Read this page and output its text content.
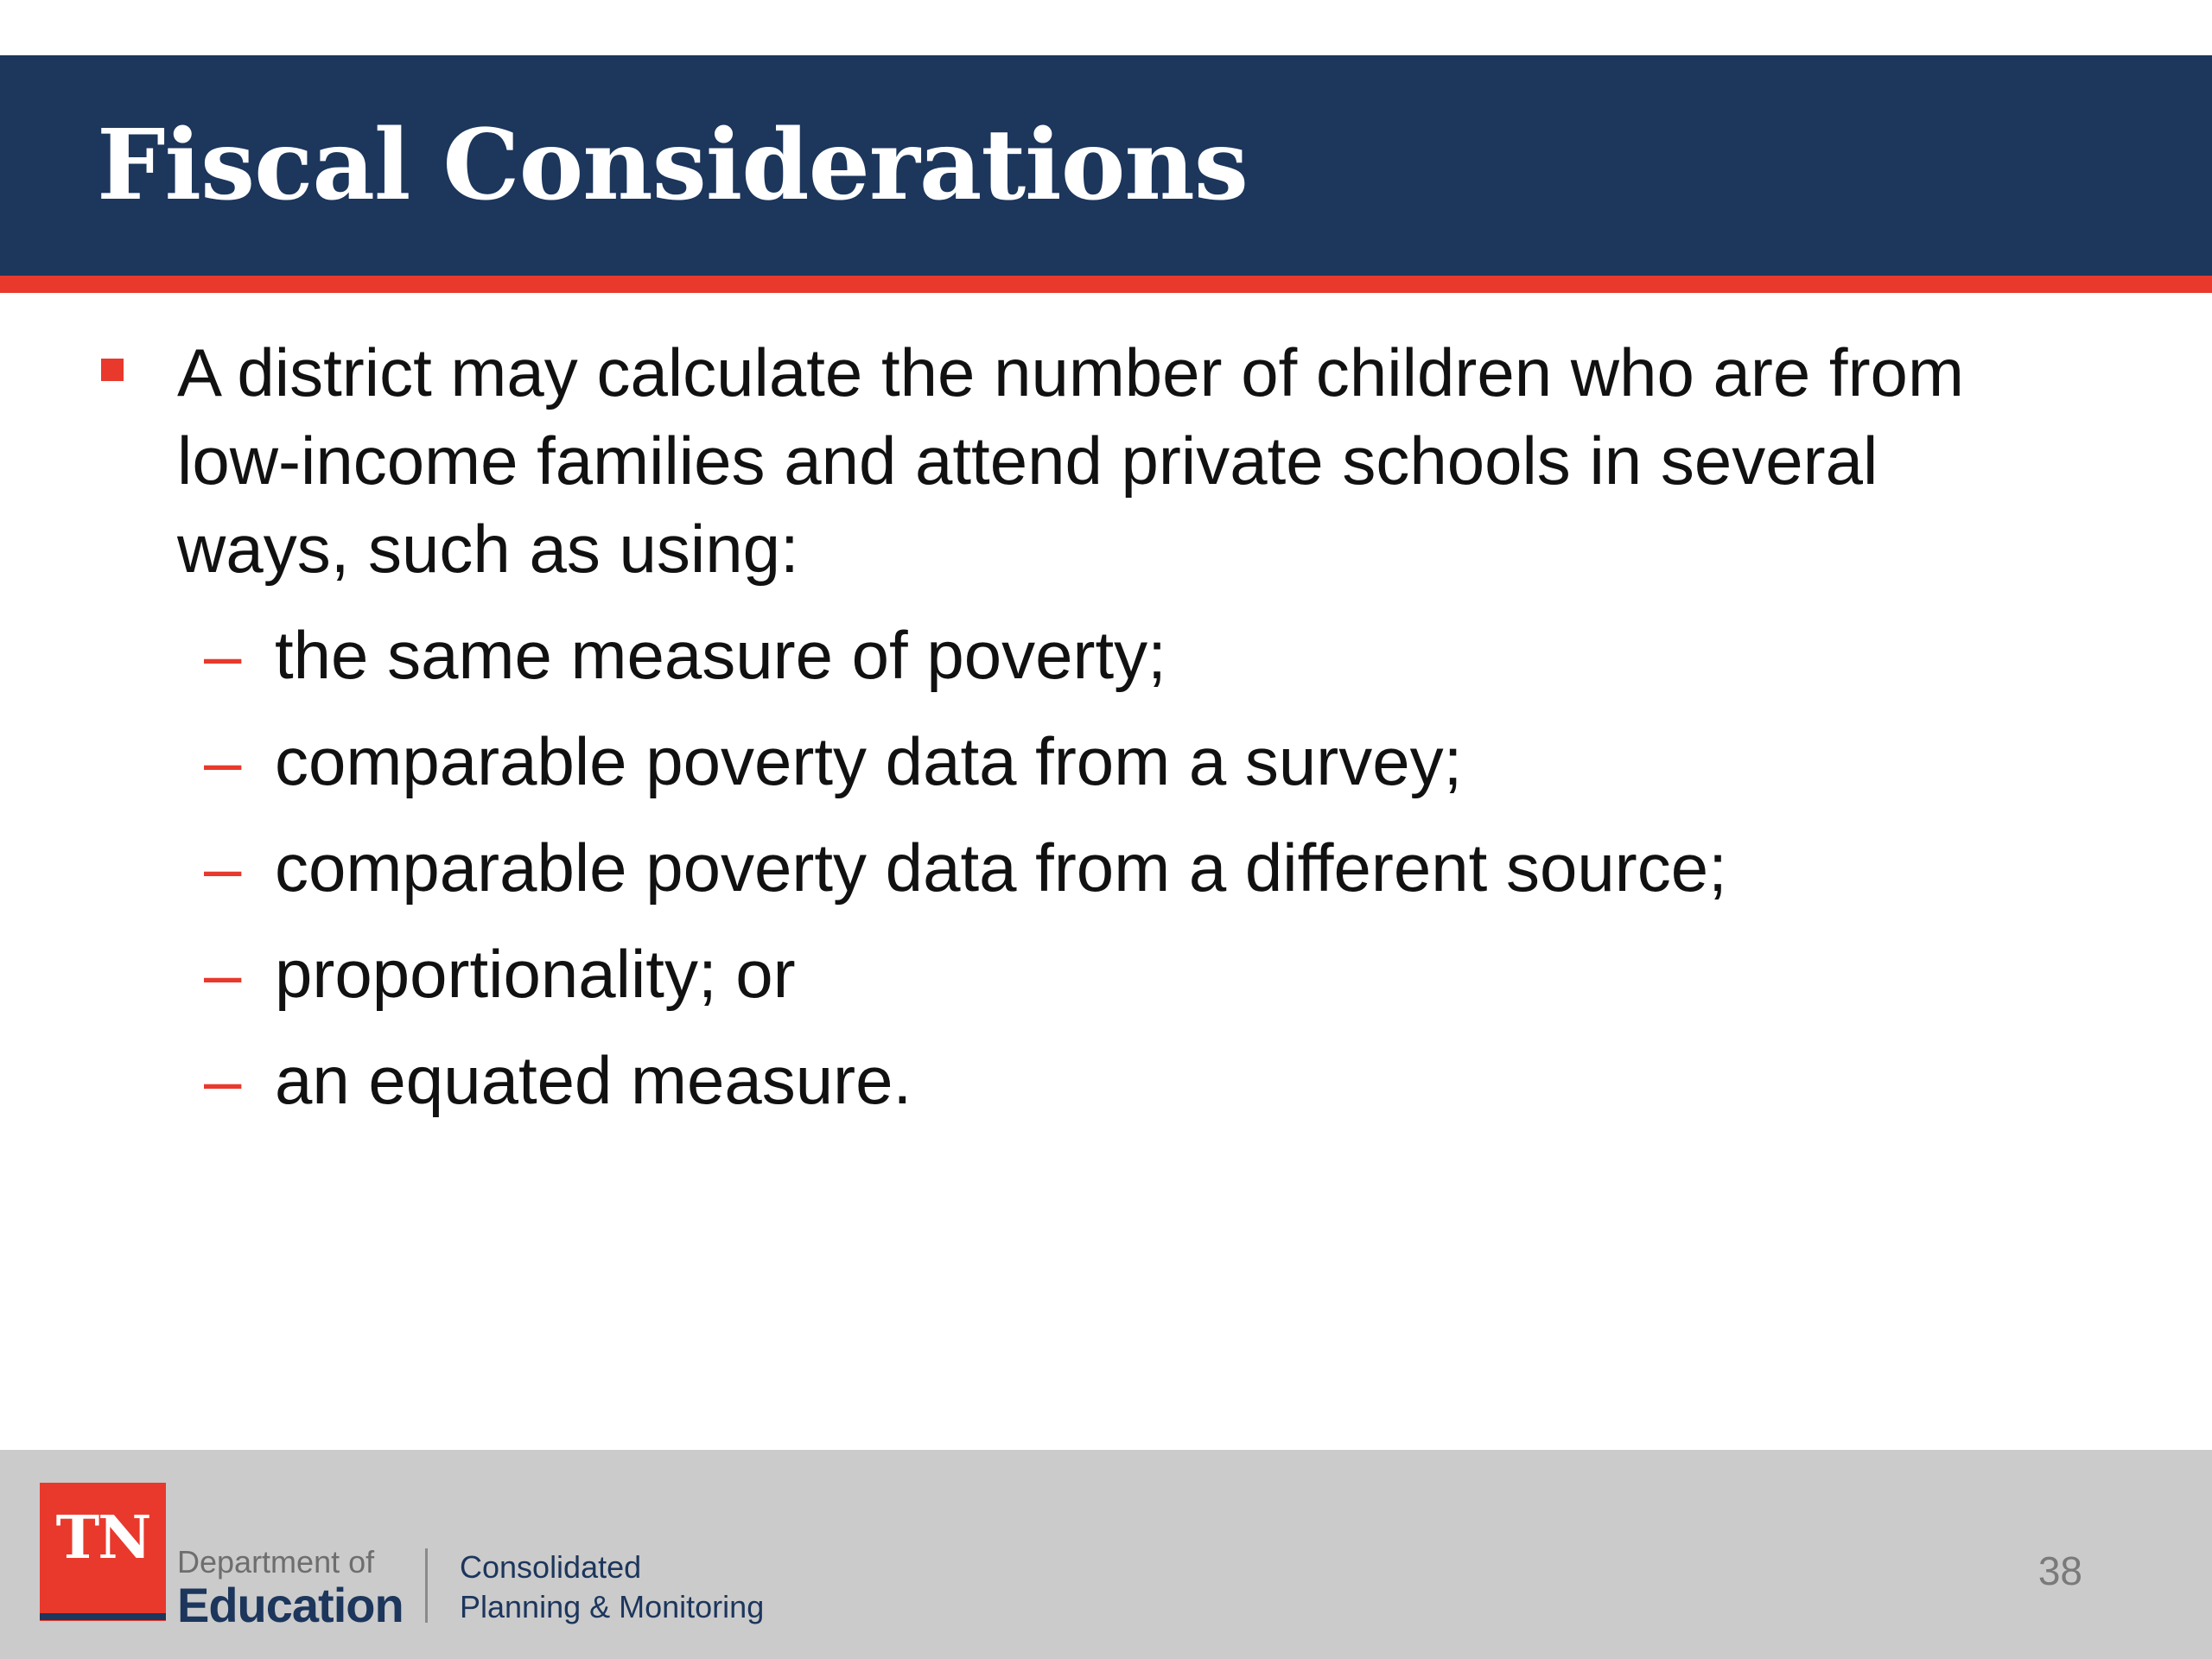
Fiscal Considerations
A district may calculate the number of children who are from low-income families and attend private schools in several ways, such as using:
– the same measure of poverty;
– comparable poverty data from a survey;
– comparable poverty data from a different source;
– proportionality; or
– an equated measure.
TN Department of
Education
Consolidated
Planning & Monitoring
38
